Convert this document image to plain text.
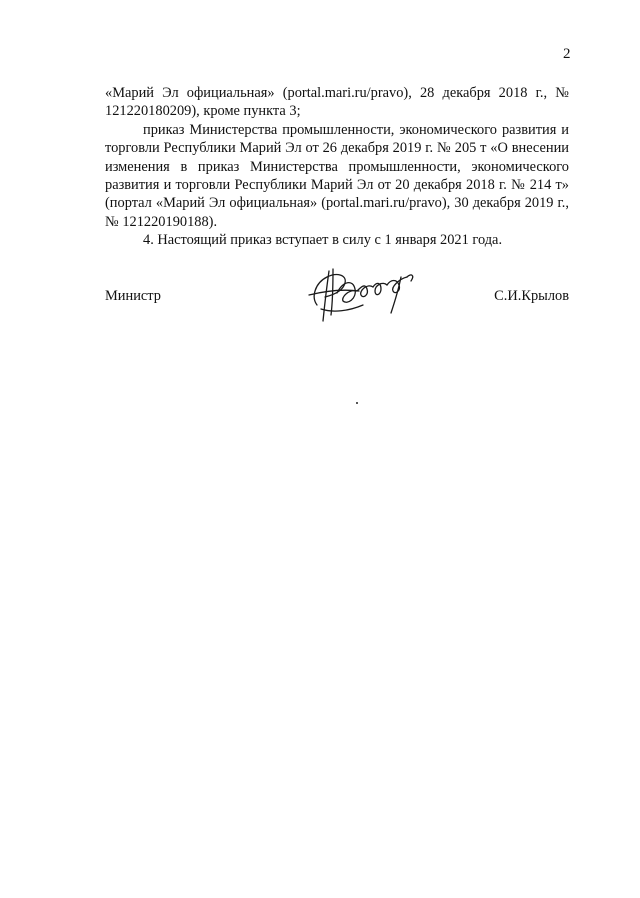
2

«Марий Эл официальная» (portal.mari.ru/pravo), 28 декабря 2018 г., № 121220180209), кроме пункта 3;

приказ Министерства промышленности, экономического развития и торговли Республики Марий Эл от 26 декабря 2019 г. № 205 т «О внесении изменения в приказ Министерства промышленности, экономического развития и торговли Республики Марий Эл от 20 декабря 2018 г. № 214 т» (портал «Марий Эл официальная» (portal.mari.ru/pravo), 30 декабря 2019 г., № 121220190188).

4. Настоящий приказ вступает в силу с 1 января 2021 года.

Министр	С.И.Крылов
